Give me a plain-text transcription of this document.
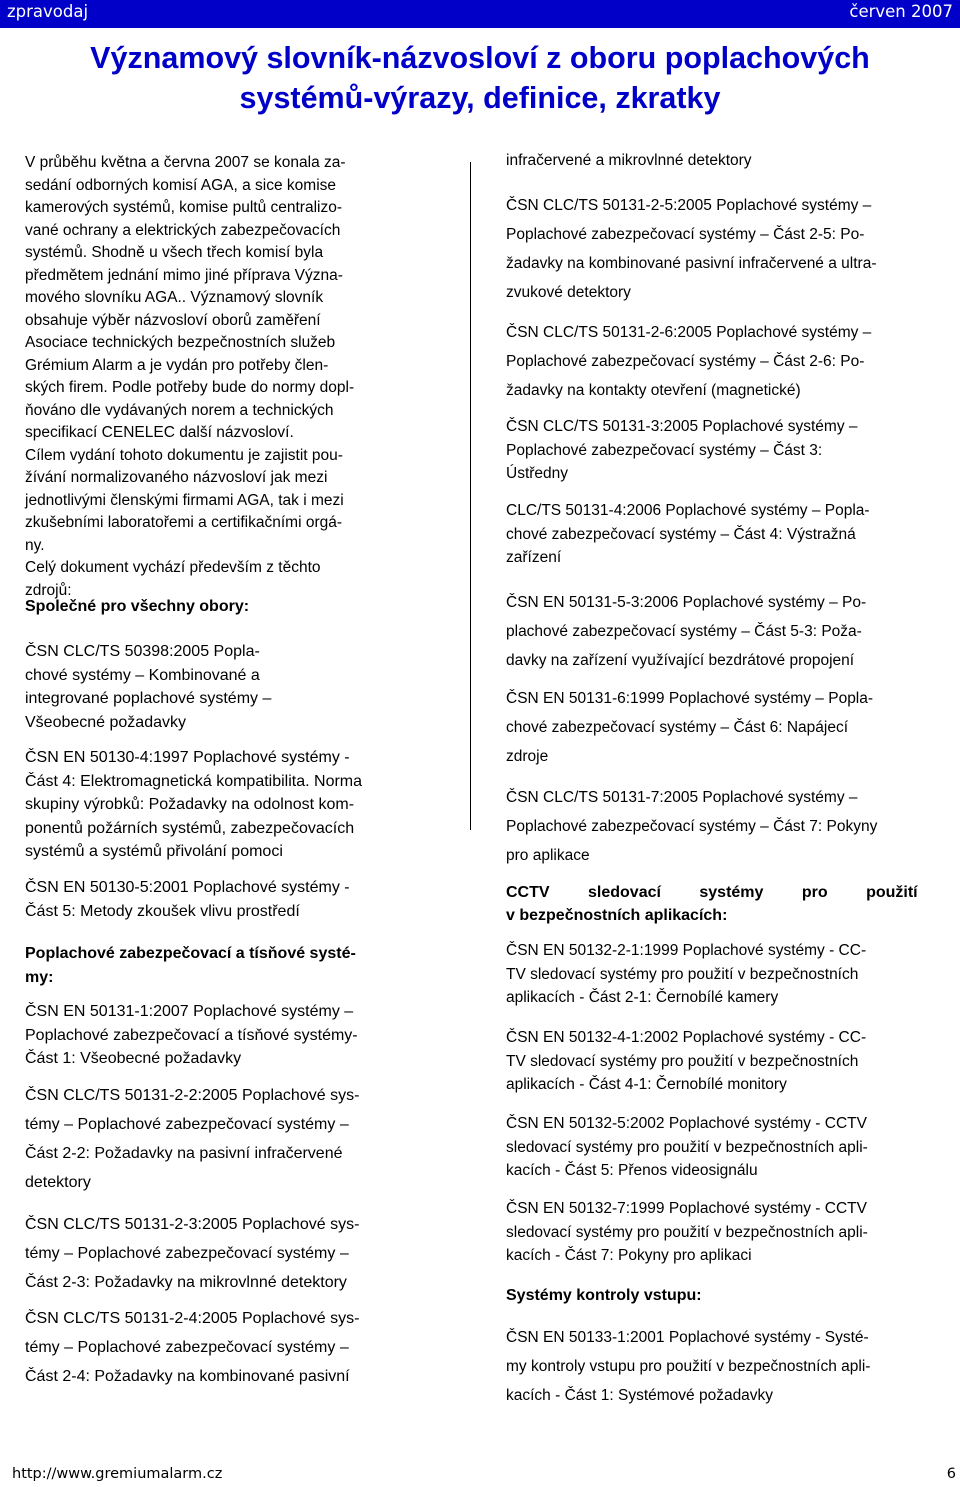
zpravodaj	červen 2007
Významový slovník-názvosloví z oboru poplachových
systémů-výrazy, definice, zkratky
V průběhu května a června 2007 se konala za-
sedání odborných komisí AGA, a sice komise
kamerových systémů, komise pultů centralizo-
vané ochrany a elektrických zabezpečovacích
systémů. Shodně u všech třech komisí byla
předmětem jednání mimo jiné příprava Význa-
mového slovníku AGA.. Významový slovník
obsahuje výběr názvosloví oborů zaměření
Asociace technických bezpečnostních služeb
Grémium Alarm a je vydán pro potřeby člen-
ských firem. Podle potřeby bude do normy dopl-
ňováno dle vydávaných norem a technických
specifikací CENELEC další názvosloví.
Cílem vydání tohoto dokumentu je zajistit pou-
žívání normalizovaného názvosloví jak mezi
jednotlivými členskými firmami AGA, tak i mezi
zkušebními laboratořemi a certifikačními orgá-
ny.
Celý dokument vychází především z těchto
zdrojů:
Společné pro všechny obory:
ČSN CLC/TS 50398:2005 Popla-
chové systémy – Kombinované a
integrované poplachové systémy –
Všeobecné požadavky
ČSN EN 50130-4:1997 Poplachové systémy -
Část 4: Elektromagnetická kompatibilita. Norma
skupiny výrobků: Požadavky na odolnost kom-
ponentů požárních systémů, zabezpečovacích
systémů a systémů přivolání pomoci
ČSN EN 50130-5:2001 Poplachové systémy -
Část 5: Metody zkoušek vlivu prostředí
Poplachové zabezpečovací a tísňové systé-
my:
ČSN EN 50131-1:2007 Poplachové systémy –
Poplachové zabezpečovací a tísňové systémy-
Část 1: Všeobecné požadavky
ČSN CLC/TS 50131-2-2:2005 Poplachové sys-
témy – Poplachové zabezpečovací systémy –
Část 2-2: Požadavky na pasivní infračervené
detektory
ČSN CLC/TS 50131-2-3:2005 Poplachové sys-
témy – Poplachové zabezpečovací systémy –
Část 2-3: Požadavky na mikrovlnné detektory
ČSN CLC/TS 50131-2-4:2005 Poplachové sys-
témy – Poplachové zabezpečovací systémy –
Část 2-4: Požadavky na kombinované pasivní
infračervené a mikrovlnné detektory
ČSN CLC/TS 50131-2-5:2005 Poplachové systémy –
Poplachové zabezpečovací systémy – Část 2-5: Po-
žadavky na kombinované pasivní infračervené a ultra-
zvukové detektory
ČSN CLC/TS 50131-2-6:2005 Poplachové systémy –
Poplachové zabezpečovací systémy – Část 2-6: Po-
žadavky na kontakty otevření (magnetické)
ČSN CLC/TS 50131-3:2005 Poplachové systémy –
Poplachové zabezpečovací systémy – Část 3:
Ústředny
CLC/TS 50131-4:2006 Poplachové systémy – Popla-
chové zabezpečovací systémy – Část 4: Výstražná
zařízení
ČSN EN 50131-5-3:2006 Poplachové systémy – Po-
plachové zabezpečovací systémy – Část 5-3: Poža-
davky na zařízení využívající bezdrátové propojení
ČSN EN 50131-6:1999 Poplachové systémy – Popla-
chové zabezpečovací systémy – Část 6: Napájecí
zdroje
ČSN CLC/TS 50131-7:2005 Poplachové systémy –
Poplachové zabezpečovací systémy – Část 7: Pokyny
pro aplikace
CCTV sledovací systémy pro použití
v bezpečnostních aplikacích:
ČSN EN 50132-2-1:1999 Poplachové systémy - CC-
TV sledovací systémy pro použití v bezpečnostních
aplikacích - Část 2-1: Černobílé kamery
ČSN EN 50132-4-1:2002 Poplachové systémy - CC-
TV sledovací systémy pro použití v bezpečnostních
aplikacích - Část 4-1: Černobílé monitory
ČSN EN 50132-5:2002 Poplachové systémy - CCTV
sledovací systémy pro použití v bezpečnostních apli-
kacích - Část 5: Přenos videosignálu
ČSN EN 50132-7:1999 Poplachové systémy - CCTV
sledovací systémy pro použití v bezpečnostních apli-
kacích - Část 7: Pokyny pro aplikaci
Systémy kontroly vstupu:
ČSN EN 50133-1:2001 Poplachové systémy - Systé-
my kontroly vstupu pro použití v bezpečnostních apli-
kacích - Část 1: Systémové požadavky
http://www.gremiumalarm.cz	6
